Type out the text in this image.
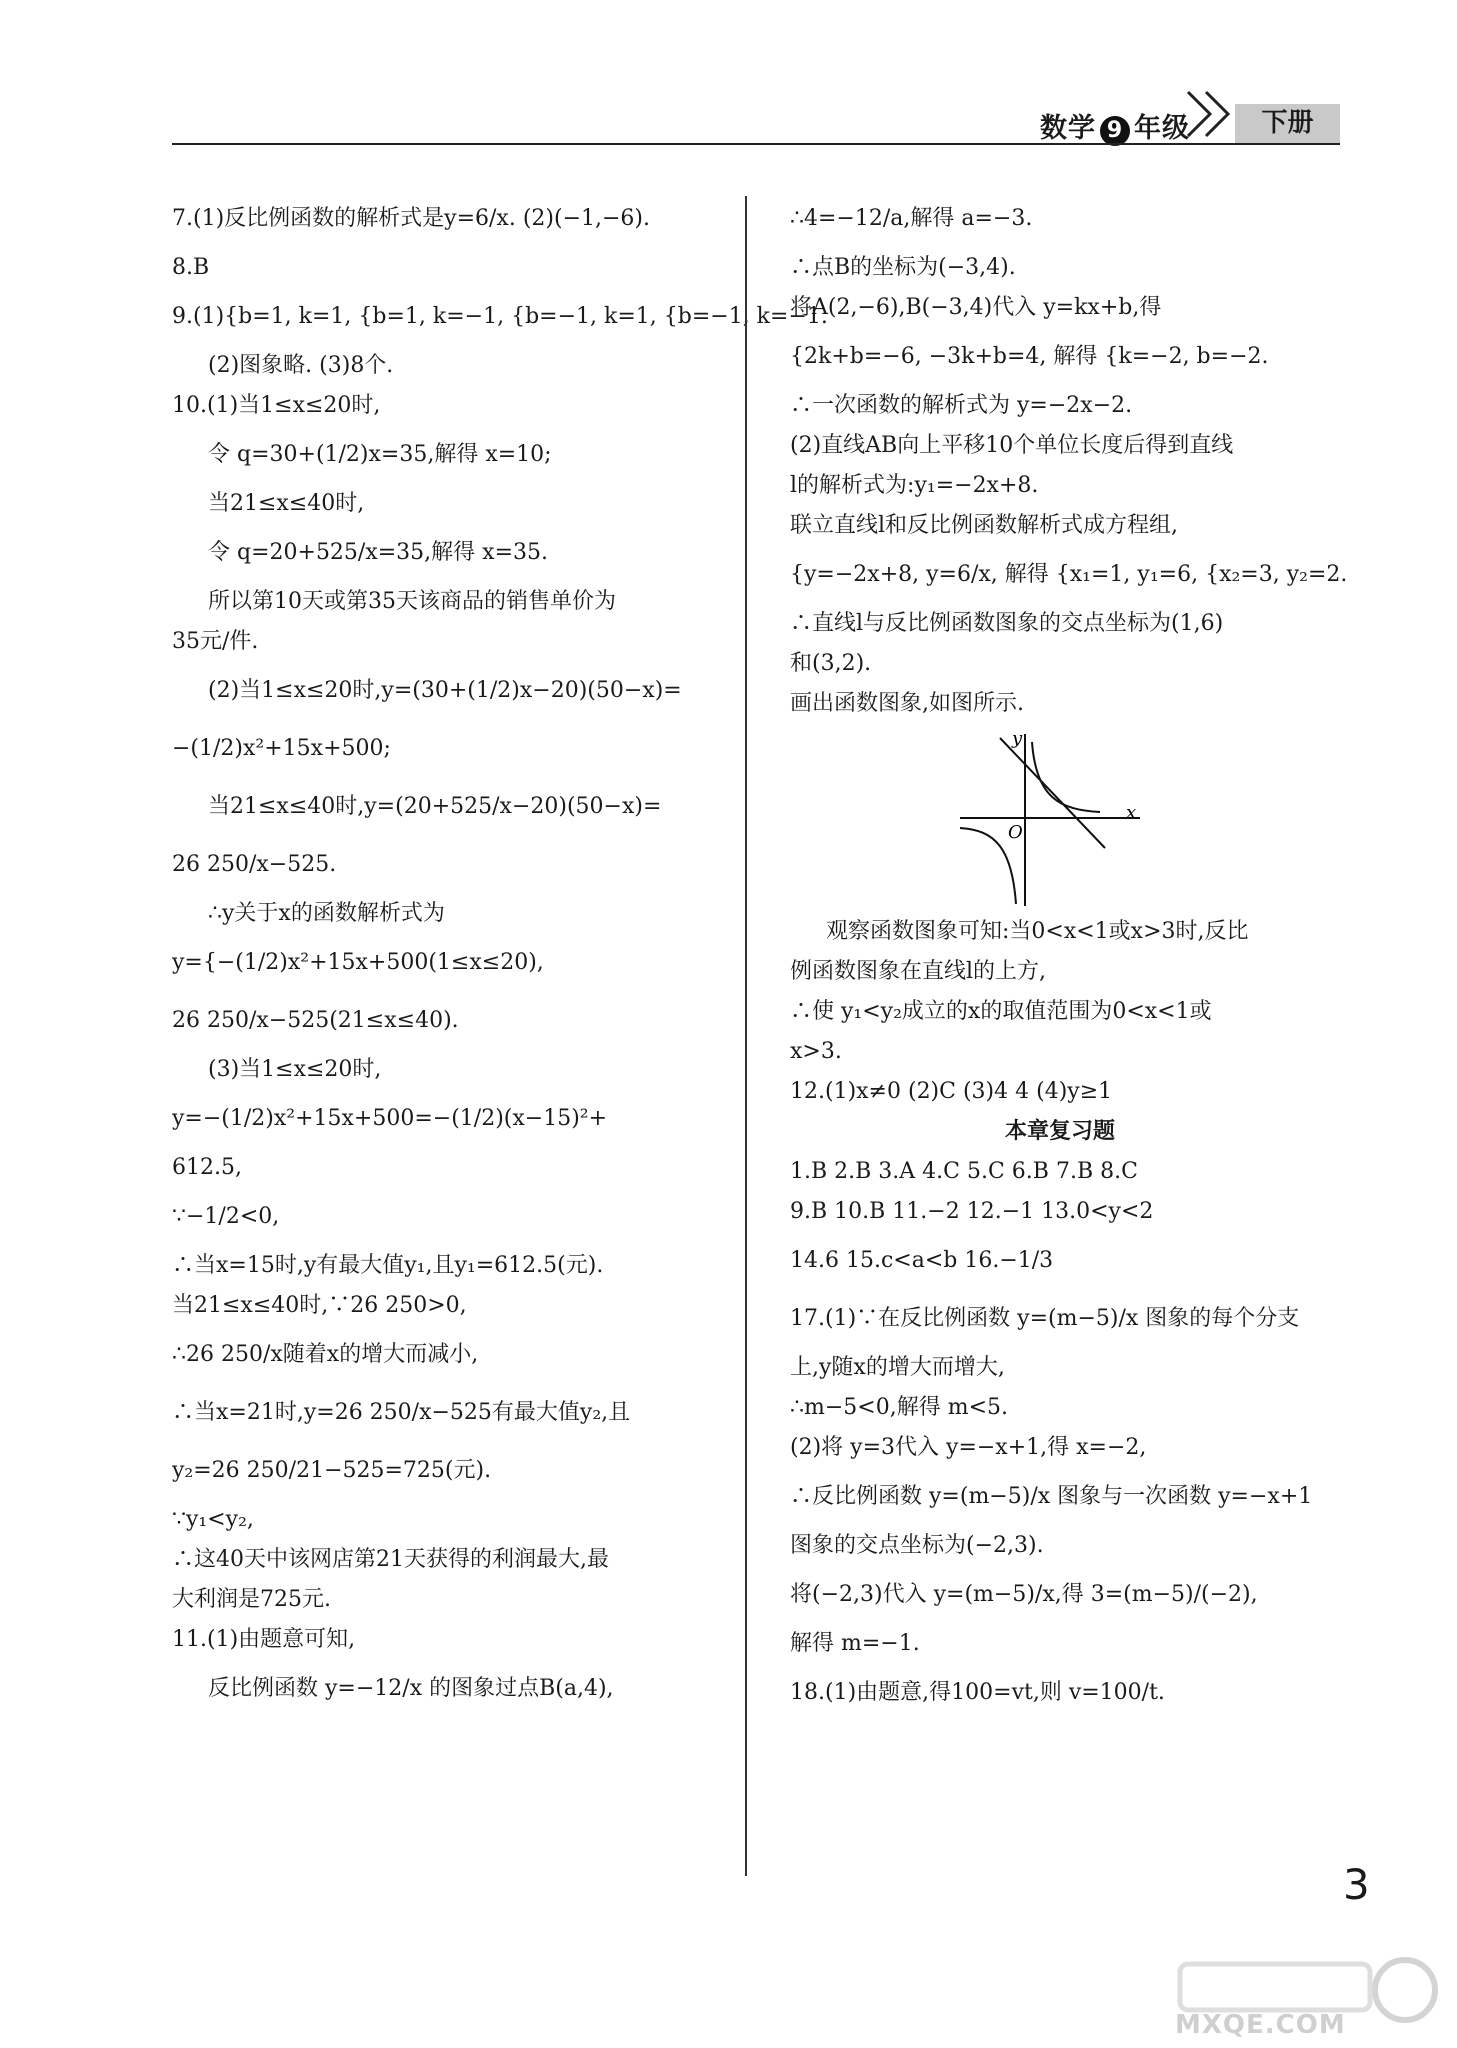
数学 9 年级	下册
7.(1)反比例函数的解析式是y=6/x. (2)(−1,−6).
8.B
9.(1){b=1, k=1, {b=1, k=−1, {b=−1, k=1, {b=−1, k=−1.
(2)图象略. (3)8个.
10.(1)当1≤x≤20时,
令 q=30+(1/2)x=35,解得 x=10;
当21≤x≤40时,
令 q=20+525/x=35,解得 x=35.
所以第10天或第35天该商品的销售单价为
35元/件.
(2)当1≤x≤20时,y=(30+(1/2)x−20)(50−x)=
−(1/2)x²+15x+500;
当21≤x≤40时,y=(20+525/x−20)(50−x)=
26 250/x−525.
∴y关于x的函数解析式为
y={−(1/2)x²+15x+500(1≤x≤20),
26 250/x−525(21≤x≤40).
(3)当1≤x≤20时,
y=−(1/2)x²+15x+500=−(1/2)(x−15)²+
612.5,
∵−1/2<0,
∴当x=15时,y有最大值y₁,且y₁=612.5(元).
当21≤x≤40时,∵26 250>0,
∴26 250/x随着x的增大而减小,
∴当x=21时,y=26 250/x−525有最大值y₂,且
y₂=26 250/21−525=725(元).
∵y₁<y₂,
∴这40天中该网店第21天获得的利润最大,最
大利润是725元.
11.(1)由题意可知,
反比例函数 y=−12/x 的图象过点B(a,4),
∴4=−12/a,解得 a=−3.
∴点B的坐标为(−3,4).
将A(2,−6),B(−3,4)代入 y=kx+b,得
{2k+b=−6, −3k+b=4, 解得 {k=−2, b=−2.
∴一次函数的解析式为 y=−2x−2.
(2)直线AB向上平移10个单位长度后得到直线
l的解析式为:y₁=−2x+8.
联立直线l和反比例函数解析式成方程组,
{y=−2x+8, y=6/x, 解得 {x₁=1, y₁=6, {x₂=3, y₂=2.
∴直线l与反比例函数图象的交点坐标为(1,6)
和(3,2).
画出函数图象,如图所示.
y
x
O
观察函数图象可知:当0<x<1或x>3时,反比
例函数图象在直线l的上方,
∴使 y₁<y₂成立的x的取值范围为0<x<1或
x>3.
12.(1)x≠0 (2)C (3)4 4 (4)y≥1
本章复习题
1.B 2.B 3.A 4.C 5.C 6.B 7.B 8.C
9.B 10.B 11.−2 12.−1 13.0<y<2
14.6 15.c<a<b 16.−1/3
17.(1)∵在反比例函数 y=(m−5)/x 图象的每个分支
上,y随x的增大而增大,
∴m−5<0,解得 m<5.
(2)将 y=3代入 y=−x+1,得 x=−2,
∴反比例函数 y=(m−5)/x 图象与一次函数 y=−x+1
图象的交点坐标为(−2,3).
将(−2,3)代入 y=(m−5)/x,得 3=(m−5)/(−2),
解得 m=−1.
18.(1)由题意,得100=vt,则 v=100/t.
3
MXQE.COM
